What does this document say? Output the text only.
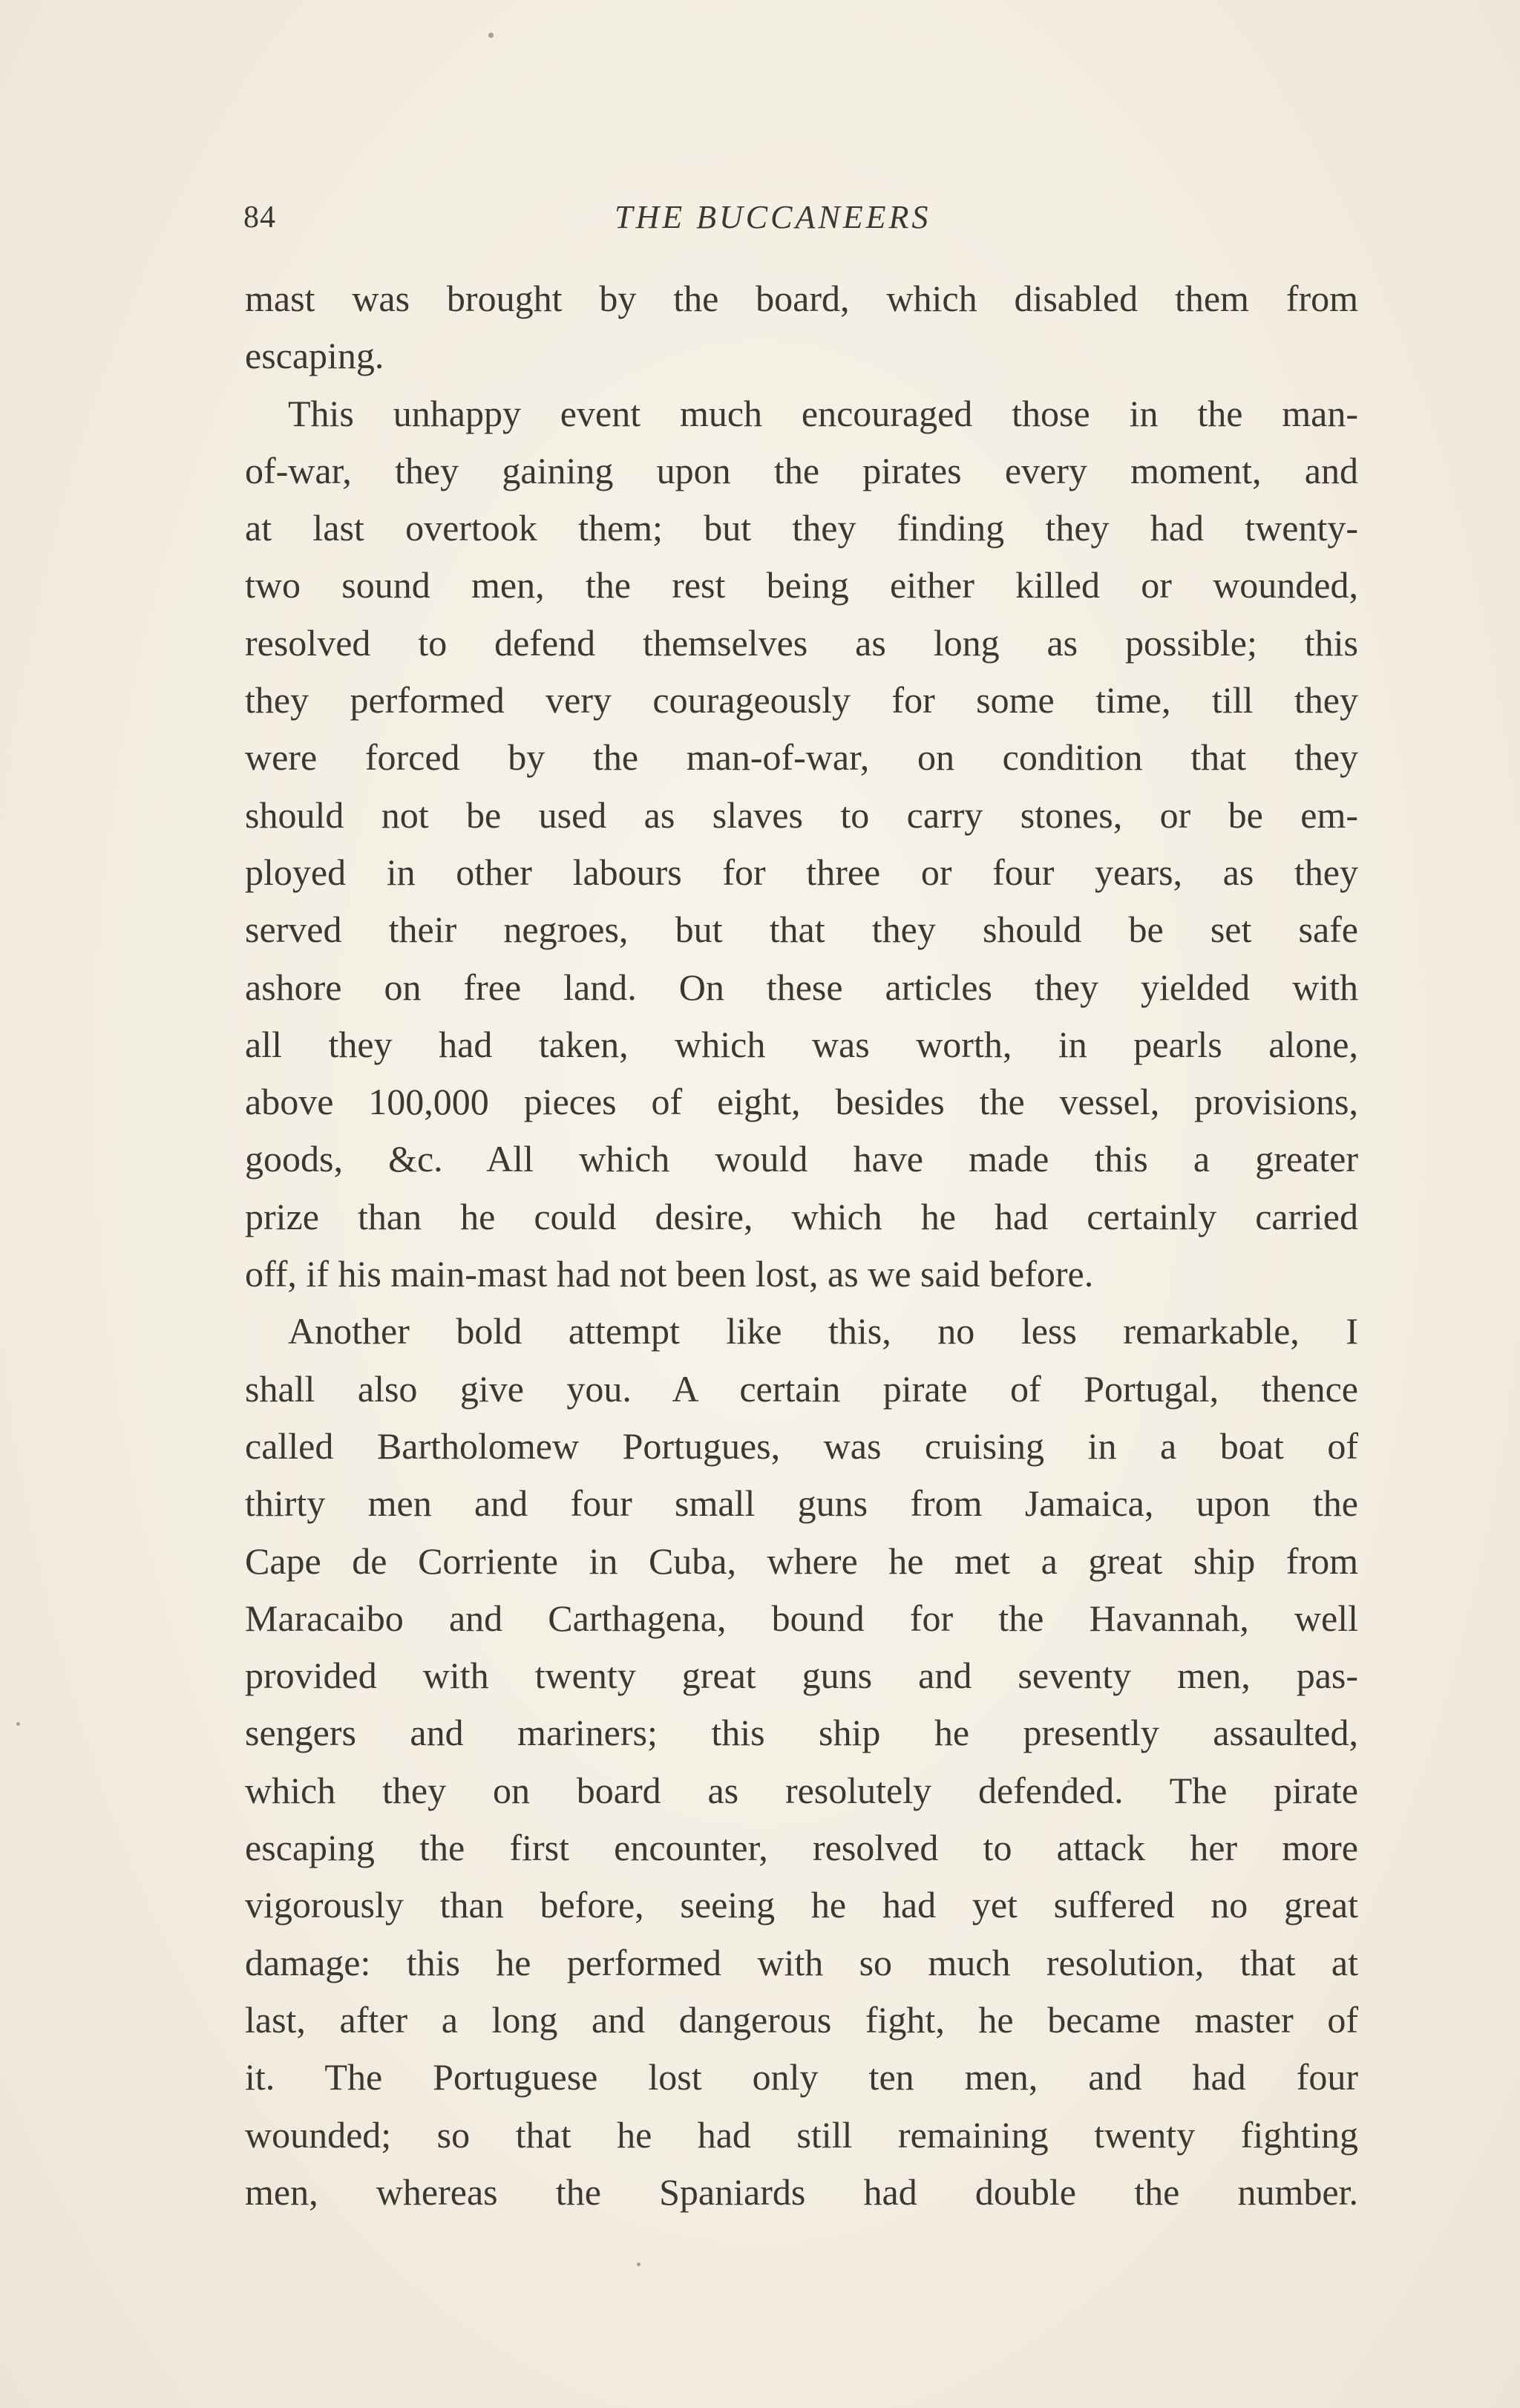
84	THE BUCCANEERS
mast was brought by the board, which disabled them from
escaping.
This unhappy event much encouraged those in the man-
of-war, they gaining upon the pirates every moment, and
at last overtook them; but they finding they had twenty-
two sound men, the rest being either killed or wounded,
resolved to defend themselves as long as possible; this
they performed very courageously for some time, till they
were forced by the man-of-war, on condition that they
should not be used as slaves to carry stones, or be em-
ployed in other labours for three or four years, as they
served their negroes, but that they should be set safe
ashore on free land. On these articles they yielded with
all they had taken, which was worth, in pearls alone,
above 100,000 pieces of eight, besides the vessel, provisions,
goods, &c. All which would have made this a greater
prize than he could desire, which he had certainly carried
off, if his main-mast had not been lost, as we said before.
Another bold attempt like this, no less remarkable, I
shall also give you. A certain pirate of Portugal, thence
called Bartholomew Portugues, was cruising in a boat of
thirty men and four small guns from Jamaica, upon the
Cape de Corriente in Cuba, where he met a great ship from
Maracaibo and Carthagena, bound for the Havannah, well
provided with twenty great guns and seventy men, pas-
sengers and mariners; this ship he presently assaulted,
which they on board as resolutely defended. The pirate
escaping the first encounter, resolved to attack her more
vigorously than before, seeing he had yet suffered no great
damage: this he performed with so much resolution, that at
last, after a long and dangerous fight, he became master of
it. The Portuguese lost only ten men, and had four
wounded; so that he had still remaining twenty fighting
men, whereas the Spaniards had double the number.
